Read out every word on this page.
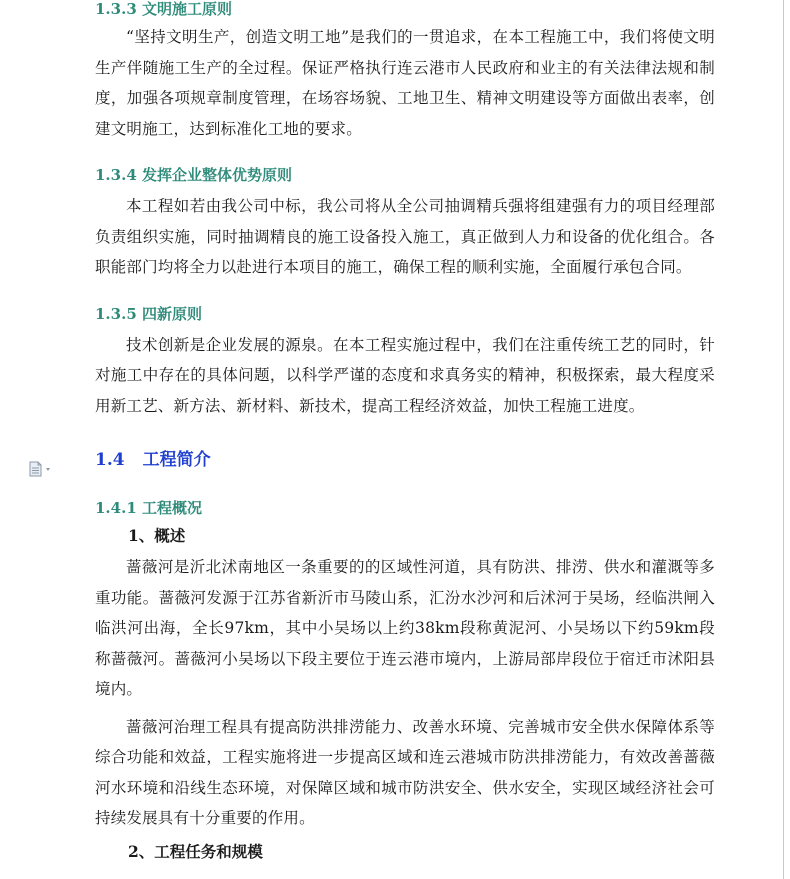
1.3.3 文明施工原则

“坚持文明生产，创造文明工地”是我们的一贯追求，在本工程施工中，我们将使文明生产伴随施工生产的全过程。保证严格执行连云港市人民政府和业主的有关法律法规和制度，加强各项规章制度管理，在场容场貌、工地卫生、精神文明建设等方面做出表率，创建文明施工，达到标准化工地的要求。

1.3.4 发挥企业整体优势原则

本工程如若由我公司中标，我公司将从全公司抽调精兵强将组建强有力的项目经理部负责组织实施，同时抽调精良的施工设备投入施工，真正做到人力和设备的优化组合。各职能部门均将全力以赴进行本项目的施工，确保工程的顺利实施，全面履行承包合同。

1.3.5 四新原则

技术创新是企业发展的源泉。在本工程实施过程中，我们在注重传统工艺的同时，针对施工中存在的具体问题，以科学严谨的态度和求真务实的精神，积极探索，最大程度采用新工艺、新方法、新材料、新技术，提高工程经济效益，加快工程施工进度。

1.4 工程简介
1.4.1 工程概况
1、概述

蔷薇河是沂北沭南地区一条重要的的区域性河道，具有防洪、排涝、供水和灌溉等多重功能。蔷薇河发源于江苏省新沂市马陵山系，汇汾水沙河和后沭河于吴场，经临洪闸入临洪河出海，全长97km，其中小吴场以上约38km段称黄泥河、小吴场以下约59km段称蔷薇河。蔷薇河小吴场以下段主要位于连云港市境内，上游局部岸段位于宿迁市沭阳县境内。

蔷薇河治理工程具有提高防洪排涝能力、改善水环境、完善城市安全供水保障体系等综合功能和效益，工程实施将进一步提高区域和连云港城市防洪排涝能力，有效改善蔷薇河水环境和沿线生态环境，对保障区域和城市防洪安全、供水安全，实现区域经济社会可持续发展具有十分重要的作用。

2、工程任务和规模
